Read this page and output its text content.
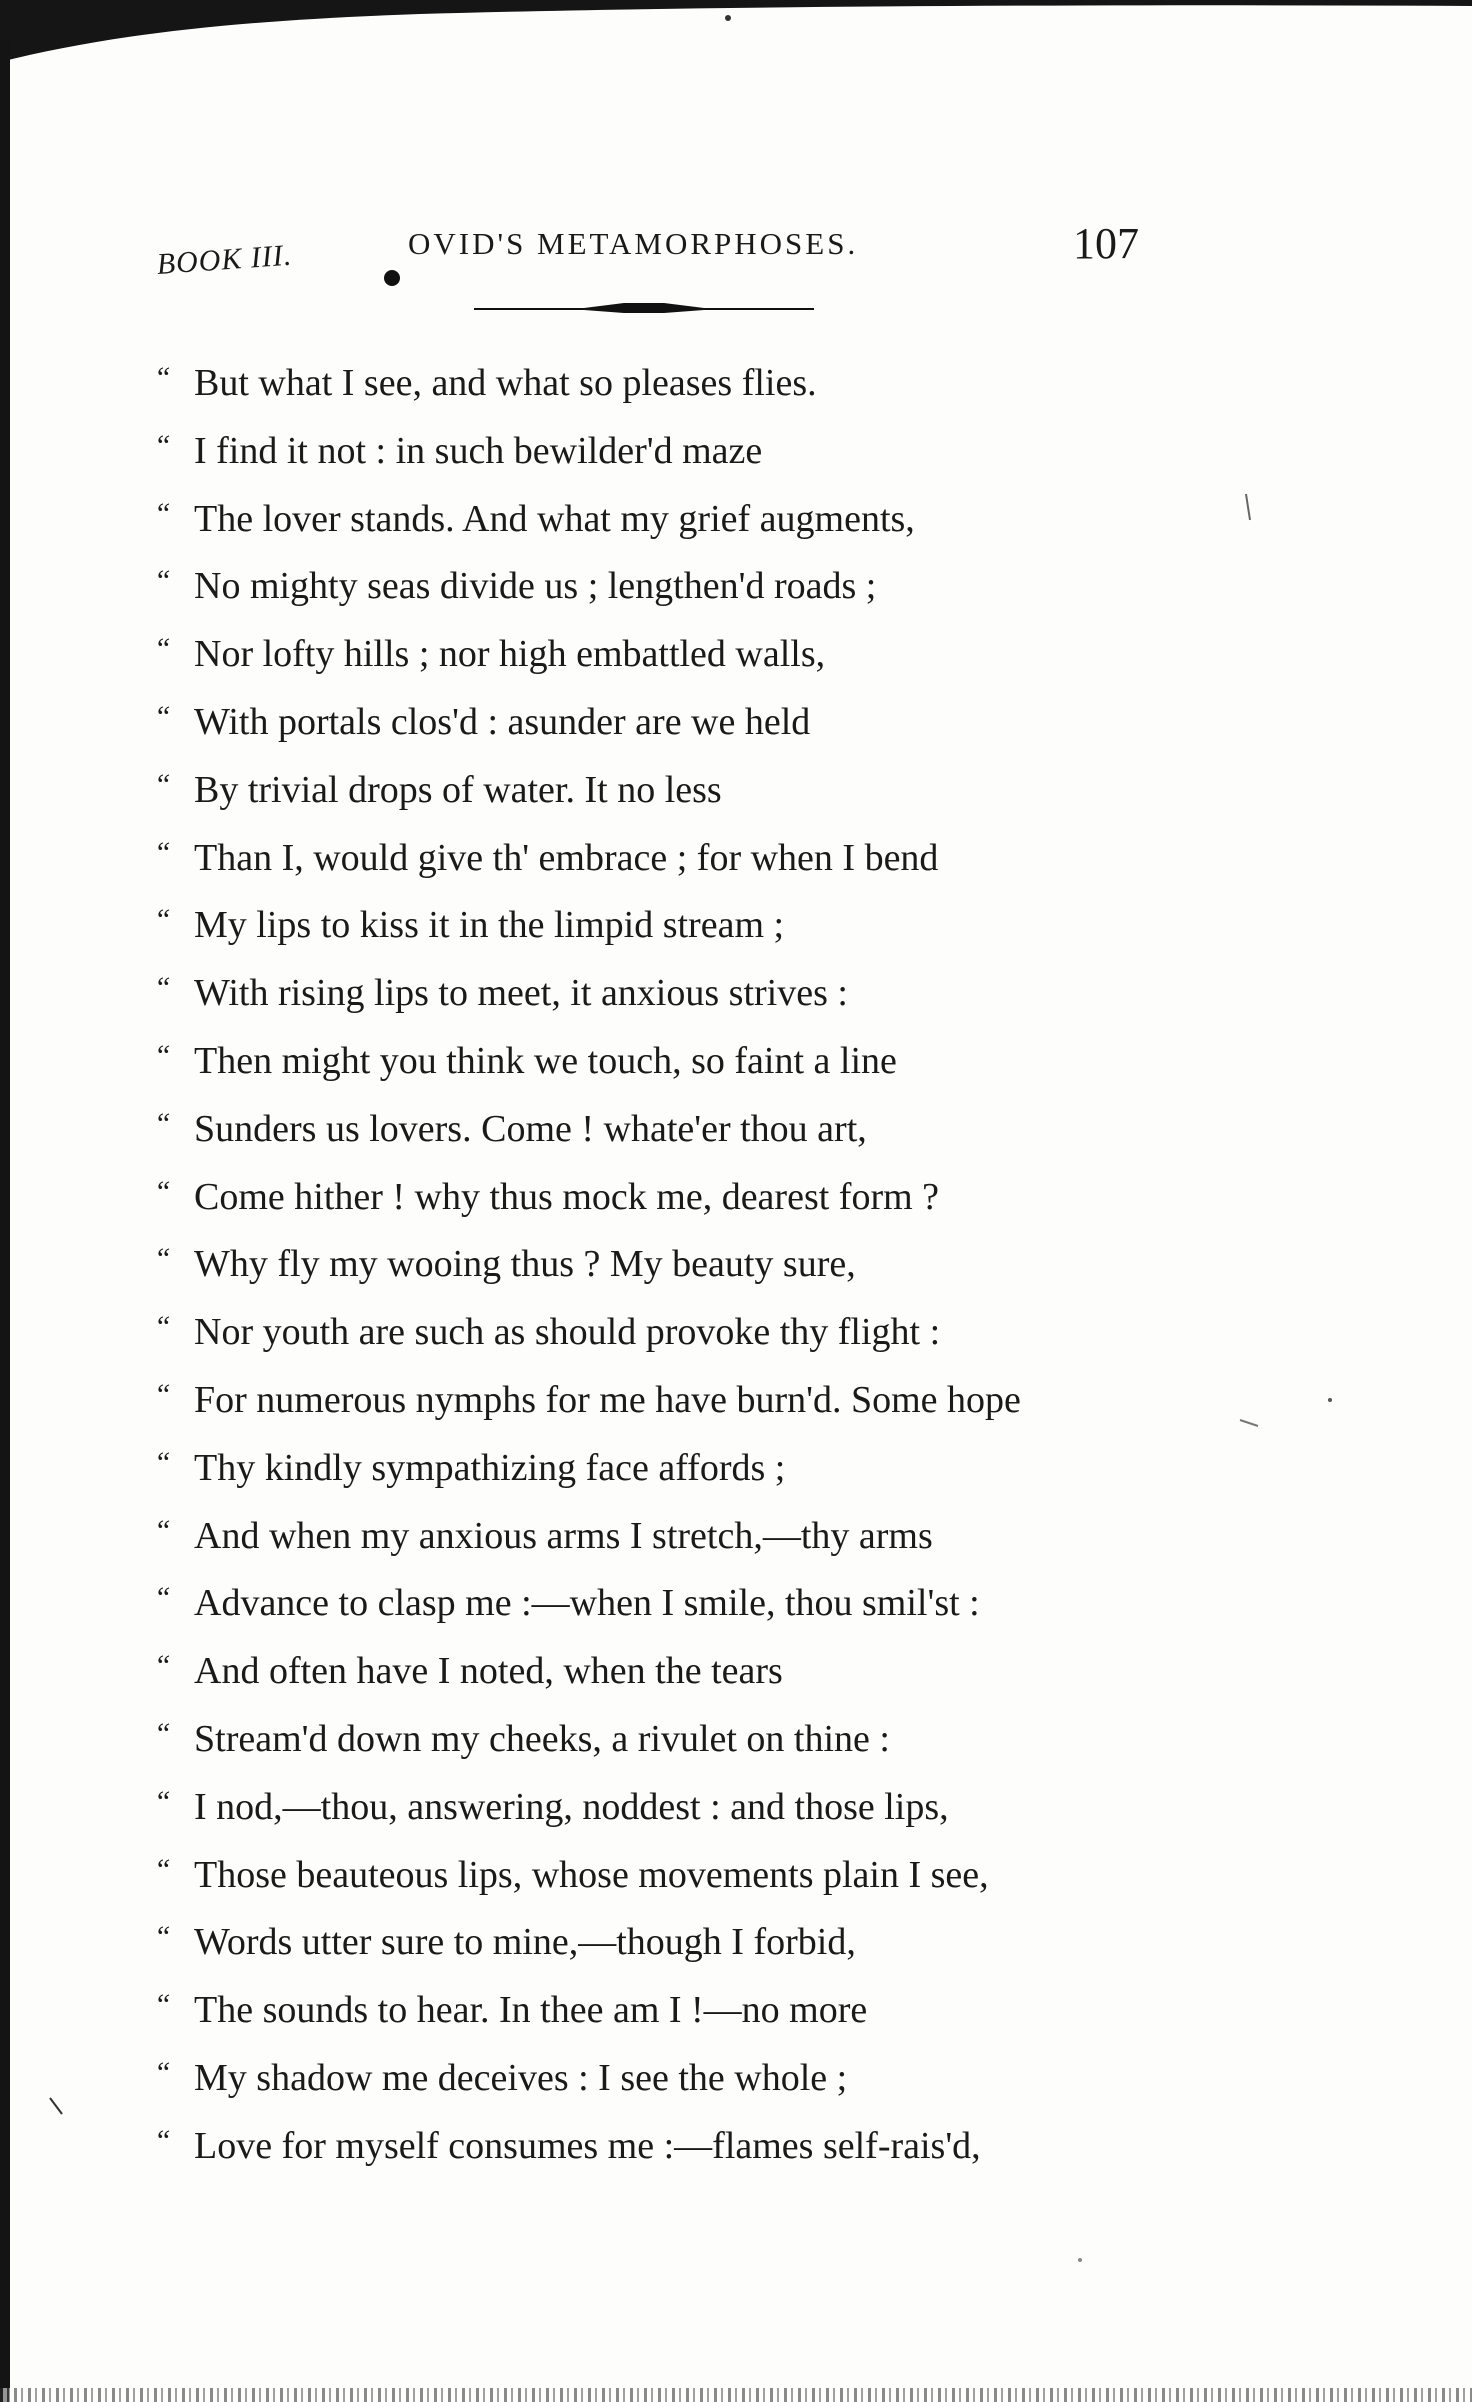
BOOK III.	OVID'S METAMORPHOSES.	107
“ But what I see, and what so pleases flies.
“ I find it not : in such bewilder'd maze
“ The lover stands. And what my grief augments,
“ No mighty seas divide us ; lengthen'd roads ;
“ Nor lofty hills ; nor high embattled walls,
“ With portals clos'd : asunder are we held
“ By trivial drops of water. It no less
“ Than I, would give th' embrace ; for when I bend
“ My lips to kiss it in the limpid stream ;
“ With rising lips to meet, it anxious strives :
“ Then might you think we touch, so faint a line
“ Sunders us lovers. Come ! whate'er thou art,
“ Come hither ! why thus mock me, dearest form ?
“ Why fly my wooing thus ? My beauty sure,
“ Nor youth are such as should provoke thy flight :
“ For numerous nymphs for me have burn'd. Some hope
“ Thy kindly sympathizing face affords ;
“ And when my anxious arms I stretch,—thy arms
“ Advance to clasp me :—when I smile, thou smil'st :
“ And often have I noted, when the tears
“ Stream'd down my cheeks, a rivulet on thine :
“ I nod,—thou, answering, noddest : and those lips,
“ Those beauteous lips, whose movements plain I see,
“ Words utter sure to mine,—though I forbid,
“ The sounds to hear. In thee am I !—no more
“ My shadow me deceives : I see the whole ;
“ Love for myself consumes me :—flames self-rais'd,
